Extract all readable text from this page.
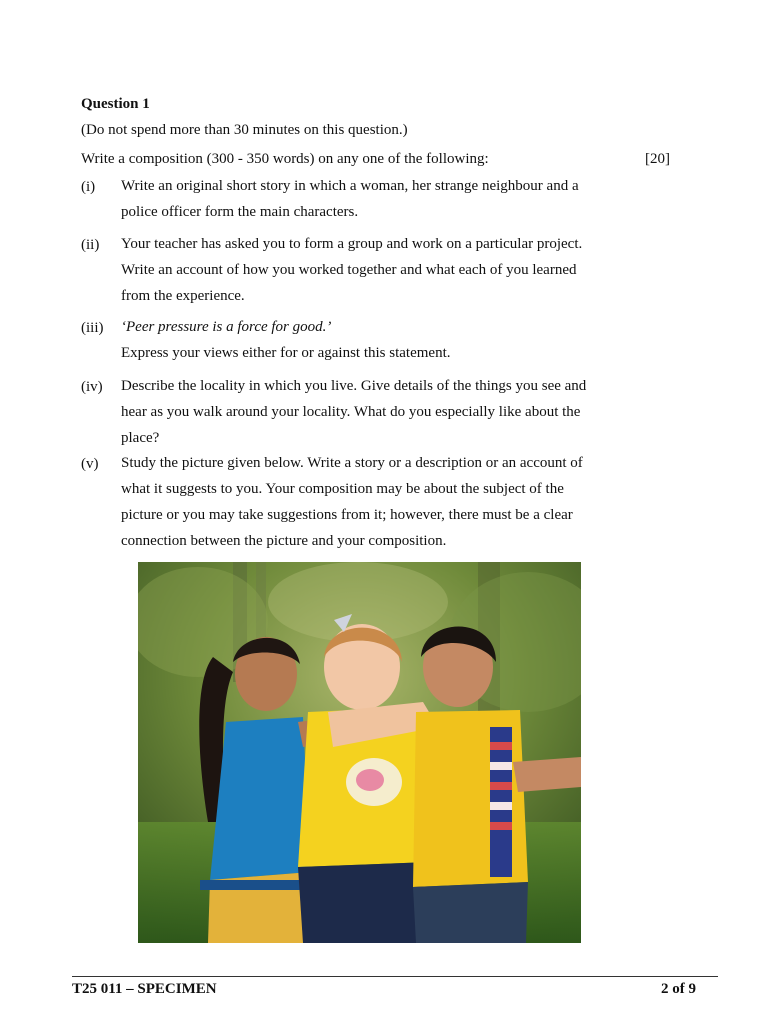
Question 1
(Do not spend more than 30 minutes on this question.)
Write a composition (300 - 350 words) on any one of the following:	[20]
(i) Write an original short story in which a woman, her strange neighbour and a
police officer form the main characters.
(ii) Your teacher has asked you to form a group and work on a particular project.
Write an account of how you worked together and what each of you learned
from the experience.
(iii) ‘Peer pressure is a force for good.’
Express your views either for or against this statement.
(iv) Describe the locality in which you live. Give details of the things you see and
hear as you walk around your locality. What do you especially like about the
place?
(v) Study the picture given below. Write a story or a description or an account of
what it suggests to you. Your composition may be about the subject of the
picture or you may take suggestions from it; however, there must be a clear
connection between the picture and your composition.
T25 011 – SPECIMEN	2 of 9
